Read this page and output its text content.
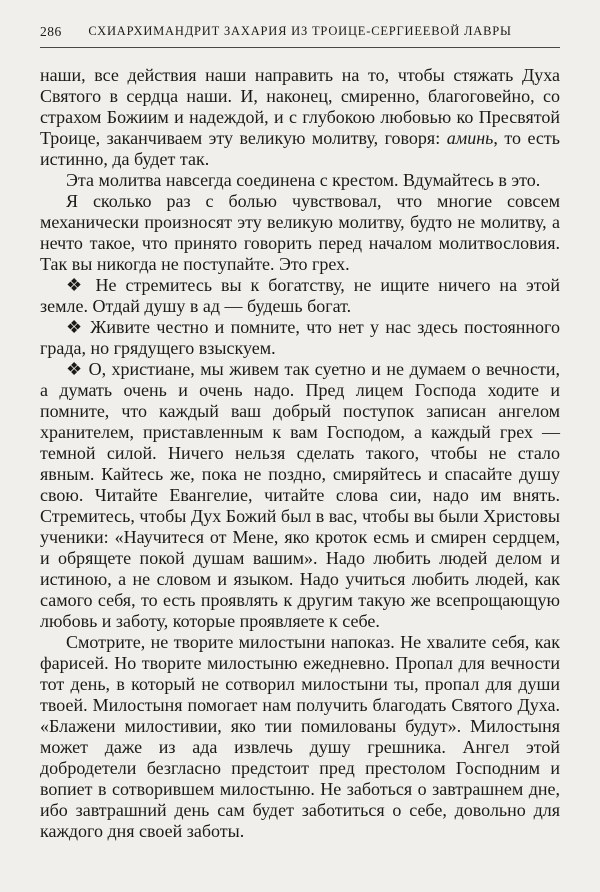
286	СХИАРХИМАНДРИТ ЗАХАРИЯ ИЗ ТРОИЦЕ-СЕРГИЕЕВОЙ ЛАВРЫ

наши, все действия наши направить на то, чтобы стяжать Духа Святого в сердца наши. И, наконец, смиренно, благоговейно, со страхом Божиим и надеждой, и с глубокою любовью ко Пресвятой Троице, заканчиваем эту великую молитву, говоря: аминь, то есть истинно, да будет так.

Эта молитва навсегда соединена с крестом. Вдумайтесь в это.

Я сколько раз с болью чувствовал, что многие совсем механически произносят эту великую молитву, будто не молитву, а нечто такое, что принято говорить перед началом молитвословия. Так вы никогда не поступайте. Это грех.

❖ Не стремитесь вы к богатству, не ищите ничего на этой земле. Отдай душу в ад — будешь богат.

❖ Живите честно и помните, что нет у нас здесь постоянного града, но грядущего взыскуем.

❖ О, христиане, мы живем так суетно и не думаем о вечности, а думать очень и очень надо. Пред лицем Господа ходите и помните, что каждый ваш добрый поступок записан ангелом хранителем, приставленным к вам Господом, а каждый грех — темной силой. Ничего нельзя сделать такого, чтобы не стало явным. Кайтесь же, пока не поздно, смиряйтесь и спасайте душу свою. Читайте Евангелие, читайте слова сии, надо им внять. Стремитесь, чтобы Дух Божий был в вас, чтобы вы были Христовы ученики: «Научитеся от Мене, яко кроток есмь и смирен сердцем, и обрящете покой душам вашим». Надо любить людей делом и истиною, а не словом и языком. Надо учиться любить людей, как самого себя, то есть проявлять к другим такую же всепрощающую любовь и заботу, которые проявляете к себе.

Смотрите, не творите милостыни напоказ. Не хвалите себя, как фарисей. Но творите милостыню ежедневно. Пропал для вечности тот день, в который не сотворил милостыни ты, пропал для души твоей. Милостыня помогает нам получить благодать Святого Духа. «Блажени милостивии, яко тии помилованы будут». Милостыня может даже из ада извлечь душу грешника. Ангел этой добродетели безгласно предстоит пред престолом Господним и вопиет в сотворившем милостыню. Не заботься о завтрашнем дне, ибо завтрашний день сам будет заботиться о себе, довольно для каждого дня своей заботы.
